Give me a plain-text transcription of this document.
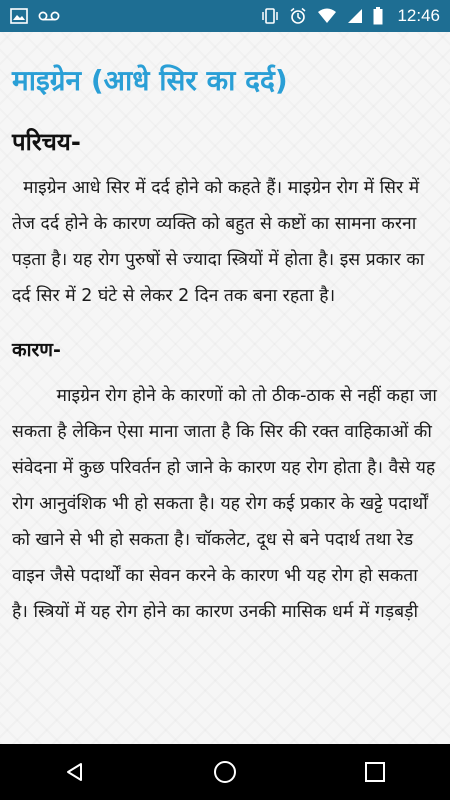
12:46
माइग्रेन (आधे सिर का दर्द)
परिचय-

माइग्रेन आधे सिर में दर्द होने को कहते हैं। माइग्रेन रोग में सिर में तेज दर्द होने के कारण व्यक्ति को बहुत से कष्टों का सामना करना पड़ता है। यह रोग पुरुषों से ज्यादा स्त्रियों में होता है। इस प्रकार का दर्द सिर में 2 घंटे से लेकर 2 दिन तक बना रहता है।

कारण-

माइग्रेन रोग होने के कारणों को तो ठीक-ठाक से नहीं कहा जा सकता है लेकिन ऐसा माना जाता है कि सिर की रक्त वाहिकाओं की संवेदना में कुछ परिवर्तन हो जाने के कारण यह रोग होता है। वैसे यह रोग आनुवंशिक भी हो सकता है। यह रोग कई प्रकार के खट्टे पदार्थों को खाने से भी हो सकता है। चॉकलेट, दूध से बने पदार्थ तथा रेड वाइन जैसे पदार्थों का सेवन करने के कारण भी यह रोग हो सकता है। स्त्रियों में यह रोग होने का कारण उनकी मासिक धर्म में गड़बड़ी
